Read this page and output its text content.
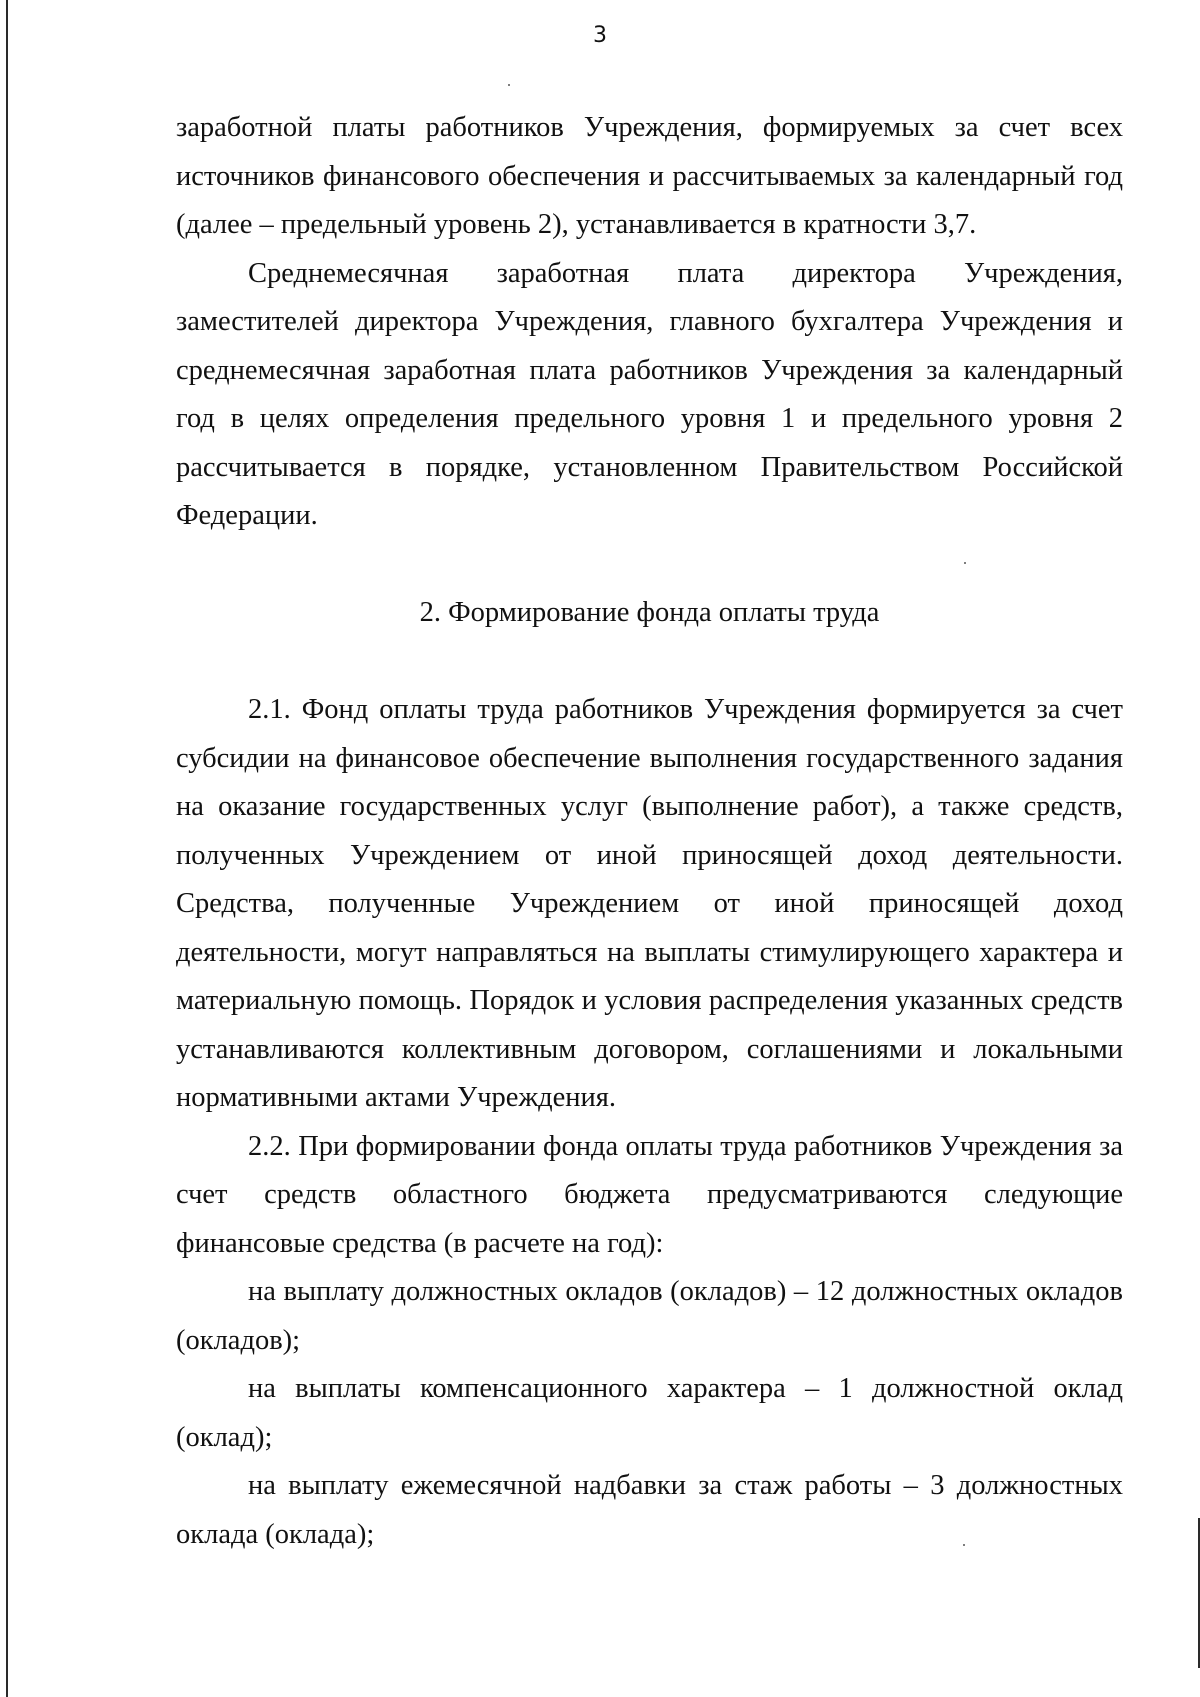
3

заработной платы работников Учреждения, формируемых за счет всех источников финансового обеспечения и рассчитываемых за календарный год (далее – предельный уровень 2), устанавливается в кратности 3,7.

Среднемесячная заработная плата директора Учреждения, заместителей директора Учреждения, главного бухгалтера Учреждения и среднемесячная заработная плата работников Учреждения за календарный год в целях определения предельного уровня 1 и предельного уровня 2 рассчитывается в порядке, установленном Правительством Российской Федерации.

2. Формирование фонда оплаты труда

2.1. Фонд оплаты труда работников Учреждения формируется за счет субсидии на финансовое обеспечение выполнения государственного задания на оказание государственных услуг (выполнение работ), а также средств, полученных Учреждением от иной приносящей доход деятельности. Средства, полученные Учреждением от иной приносящей доход деятельности, могут направляться на выплаты стимулирующего характера и материальную помощь. Порядок и условия распределения указанных средств устанавливаются коллективным договором, соглашениями и локальными нормативными актами Учреждения.

2.2. При формировании фонда оплаты труда работников Учреждения за счет средств областного бюджета предусматриваются следующие финансовые средства (в расчете на год):

на выплату должностных окладов (окладов) – 12 должностных окладов (окладов);

на выплаты компенсационного характера – 1 должностной оклад (оклад);

на выплату ежемесячной надбавки за стаж работы – 3 должностных оклада (оклада);
